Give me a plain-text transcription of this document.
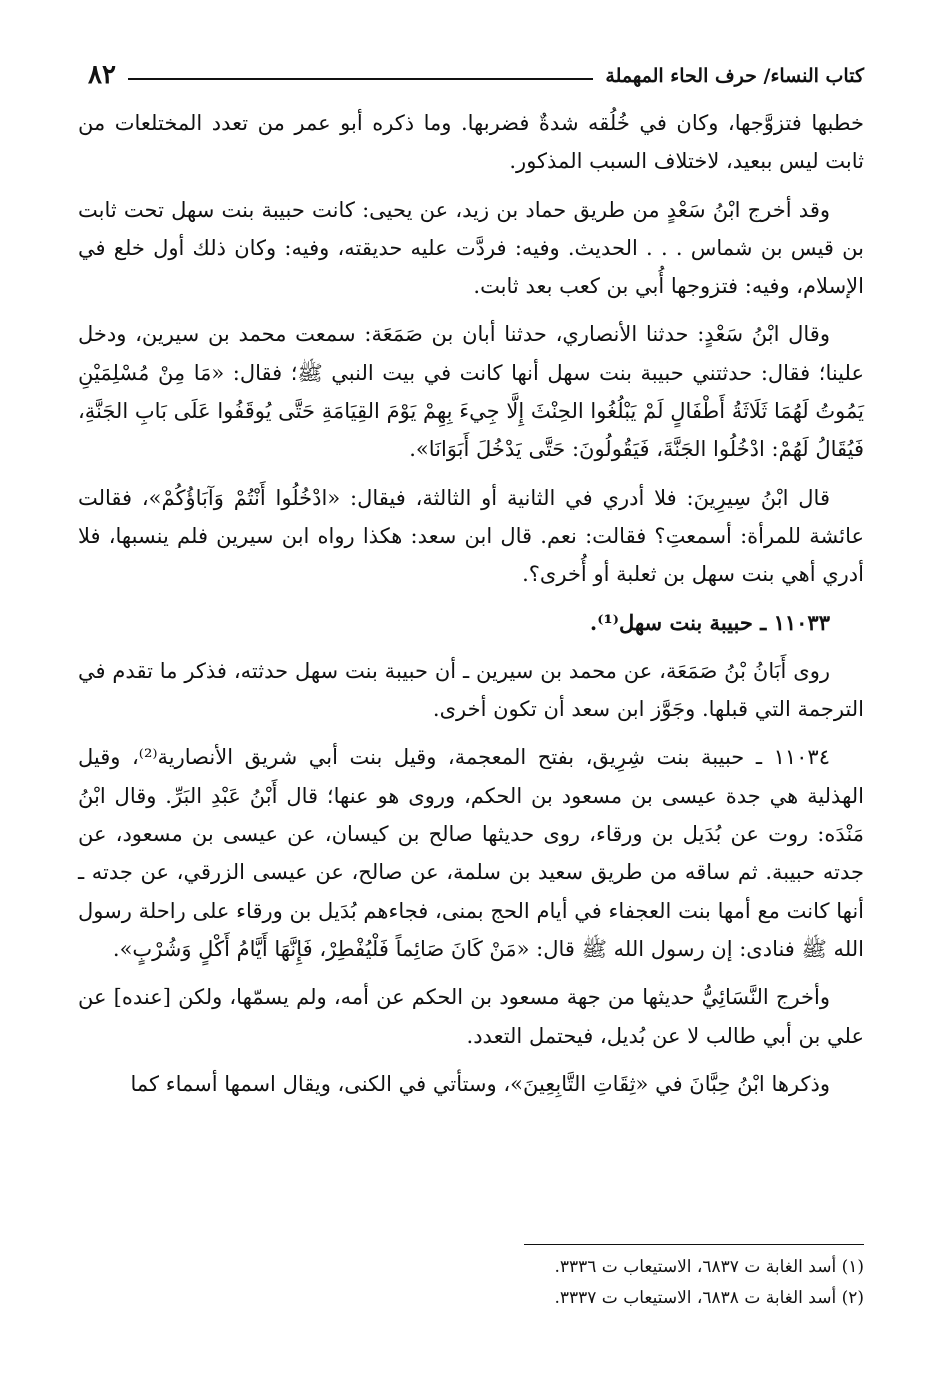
كتاب النساء/ حرف الحاء المهملة
٨٢

خطبها فتزوَّجها، وكان في خُلُقه شدةٌ فضربها. وما ذكره أبو عمر من تعدد المختلعات من ثابت ليس ببعيد، لاختلاف السبب المذكور.

وقد أخرج ابْنُ سَعْدٍ من طريق حماد بن زيد، عن يحيى: كانت حبيبة بنت سهل تحت ثابت بن قيس بن شماس . . . الحديث. وفيه: فردَّت عليه حديقته، وفيه: وكان ذلك أول خلع في الإسلام، وفيه: فتزوجها أُبي بن كعب بعد ثابت.

وقال ابْنُ سَعْدٍ: حدثنا الأنصاري، حدثنا أبان بن صَمَعَة: سمعت محمد بن سيرين، ودخل علينا؛ فقال: حدثتني حبيبة بنت سهل أنها كانت في بيت النبي ﷺ؛ فقال: «مَا مِنْ مُسْلِمَيْنِ يَمُوتُ لَهُمَا ثَلَاثَةُ أَطْفَالٍ لَمْ يَبْلُغُوا الحِنْثَ إِلَّا جِيءَ بِهِمْ يَوْمَ القِيَامَةِ حَتَّى يُوقَفُوا عَلَى بَابِ الجَنَّةِ، فَيُقَالُ لَهُمْ: ادْخُلُوا الجَنَّةَ، فَيَقُولُونَ: حَتَّى يَدْخُلَ أَبَوَانَا».

قال ابْنُ سِيرِينَ: فلا أدري في الثانية أو الثالثة، فيقال: «ادْخُلُوا أَنْتُمْ وَآبَاؤُكُمْ»، فقالت عائشة للمرأة: أسمعتِ؟ فقالت: نعم. قال ابن سعد: هكذا رواه ابن سيرين فلم ينسبها، فلا أدري أهي بنت سهل بن ثعلبة أو أُخرى؟.

١١٠٣٣ ـ حبيبة بنت سهل⁽¹⁾.

روى أَبَانُ بْنُ صَمَعَة، عن محمد بن سيرين ـ أن حبيبة بنت سهل حدثته، فذكر ما تقدم في الترجمة التي قبلها. وجَوَّز ابن سعد أن تكون أخرى.

١١٠٣٤ ـ حبيبة بنت شِرِيق، بفتح المعجمة، وقيل بنت أبي شريق الأنصارية⁽²⁾، وقيل الهذلية هي جدة عيسى بن مسعود بن الحكم، وروى هو عنها؛ قال أَبْنُ عَبْدِ البَرِّ. وقال ابْنُ مَنْدَه: روت عن بُدَيل بن ورقاء، روى حديثها صالح بن كيسان، عن عيسى بن مسعود، عن جدته حبيبة. ثم ساقه من طريق سعيد بن سلمة، عن صالح، عن عيسى الزرقي، عن جدته ـ أنها كانت مع أمها بنت العجفاء في أيام الحج بمنى، فجاءهم بُدَيل بن ورقاء على راحلة رسول الله ﷺ فنادى: إن رسول الله ﷺ قال: «مَنْ كَانَ صَائِماً فَلْيُفْطِرْ، فَإِنَّهَا أَيَّامُ أَكْلٍ وَشُرْبٍ».

وأخرج النَّسَائِيُّ حديثها من جهة مسعود بن الحكم عن أمه، ولم يسمّها، ولكن [عنده] عن علي بن أبي طالب لا عن بُديل، فيحتمل التعدد.

وذكرها ابْنُ حِبَّانَ في «ثِقَاتِ التَّابِعِينَ»، وستأتي في الكنى، ويقال اسمها أسماء كما

(١) أسد الغابة ت ٦٨٣٧، الاستيعاب ت ٣٣٣٦.

(٢) أسد الغابة ت ٦٨٣٨، الاستيعاب ت ٣٣٣٧.
